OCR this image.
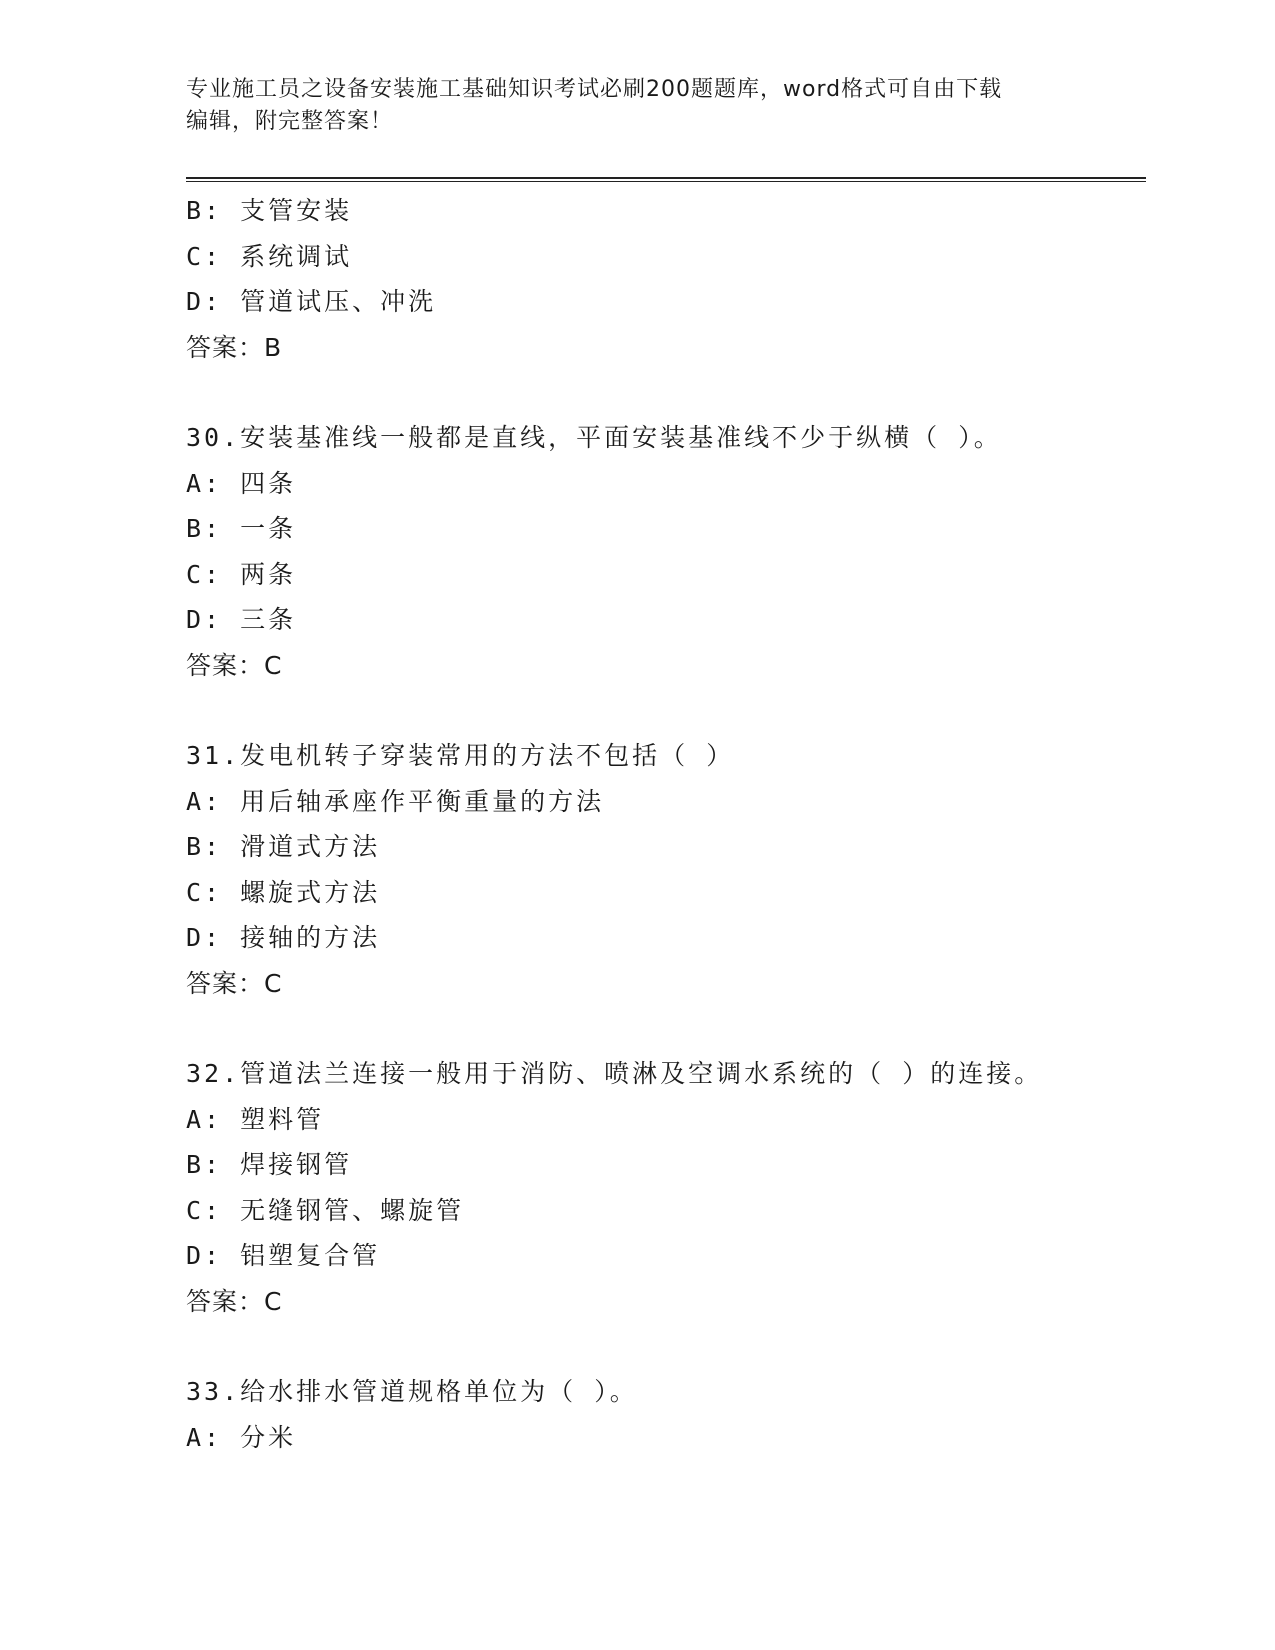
专业施工员之设备安装施工基础知识考试必刷200题题库，word格式可自由下载
编辑，附完整答案！
B: 支管安装
C: 系统调试
D: 管道试压、冲洗
答案：B
30.安装基准线一般都是直线，平面安装基准线不少于纵横（ ）。
A: 四条
B: 一条
C: 两条
D: 三条
答案：C
31.发电机转子穿装常用的方法不包括（ ）
A: 用后轴承座作平衡重量的方法
B: 滑道式方法
C: 螺旋式方法
D: 接轴的方法
答案：C
32.管道法兰连接一般用于消防、喷淋及空调水系统的（ ）的连接。
A: 塑料管
B: 焊接钢管
C: 无缝钢管、螺旋管
D: 铝塑复合管
答案：C
33.给水排水管道规格单位为（ ）。
A: 分米
